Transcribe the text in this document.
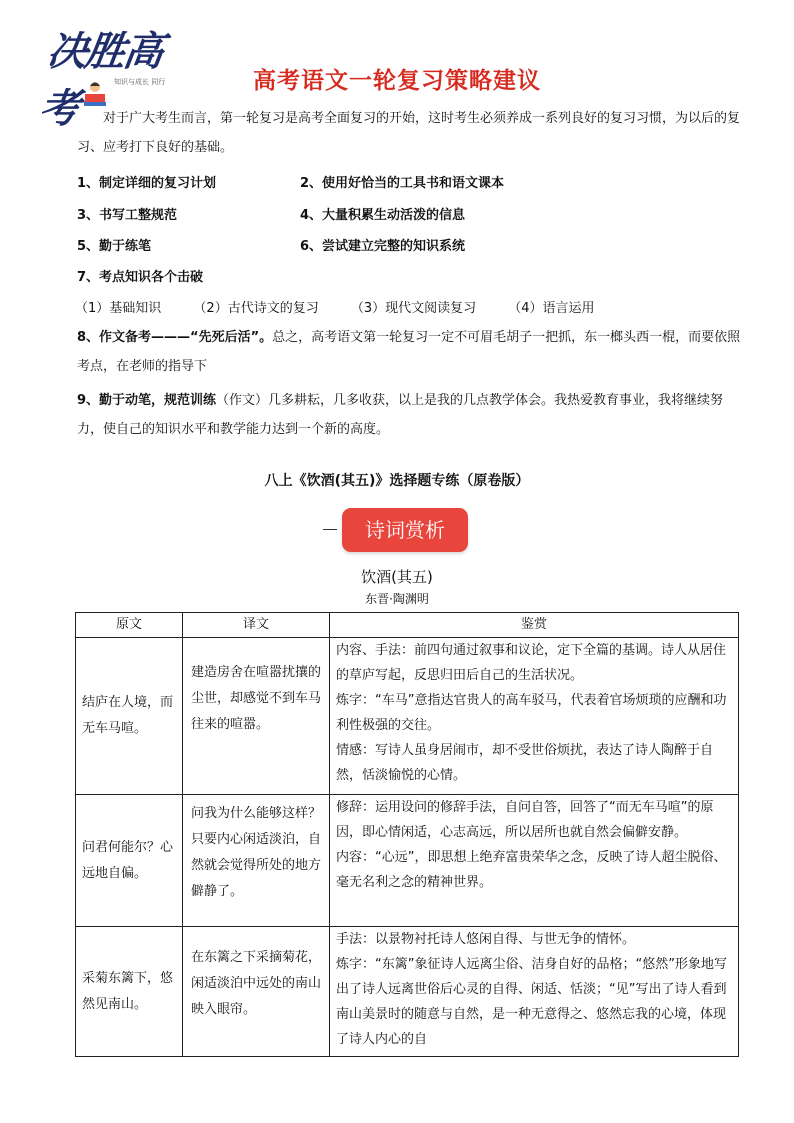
决胜高考
知识与成长 同行	高考语文一轮复习策略建议
对于广大考生而言，第一轮复习是高考全面复习的开始，这时考生必须养成一系列良好的复习习惯，为以后的复习、应考打下良好的基础。
1、制定详细的复习计划	2、使用好恰当的工具书和语文课本
3、书写工整规范	4、大量积累生动活泼的信息
5、勤于练笔	6、尝试建立完整的知识系统
7、考点知识各个击破
（1）基础知识 （2）古代诗文的复习 （3）现代文阅读复习 （4）语言运用
8、作文备考———“先死后活”。总之，高考语文第一轮复习一定不可眉毛胡子一把抓，东一榔头西一棍，而要依照考点，在老师的指导下
9、勤于动笔，规范训练（作文）几多耕耘，几多收获，以上是我的几点教学体会。我热爱教育事业，我将继续努力，使自己的知识水平和教学能力达到一个新的高度。
八上《饮酒(其五)》选择题专练（原卷版）
诗词赏析
饮酒(其五)
东晋·陶渊明
原文	译文	鉴赏
结庐在人境，而无车马喧。	建造房舍在喧嚣扰攘的尘世，却感觉不到车马往来的喧嚣。	内容、手法：前四句通过叙事和议论，定下全篇的基调。诗人从居住的草庐写起，反思归田后自己的生活状况。

炼字：“车马”意指达官贵人的高车驳马，代表着官场烦琐的应酬和功利性极强的交往。

情感：写诗人虽身居闹市，却不受世俗烦扰，表达了诗人陶醉于自然，恬淡愉悦的心情。

问君何能尔？心远地自偏。	问我为什么能够这样？只要内心闲适淡泊，自然就会觉得所处的地方僻静了。	修辞：运用设问的修辞手法，自问自答，回答了“而无车马喧”的原因，即心情闲适，心志高远，所以居所也就自然会偏僻安静。

内容：“心远”，即思想上绝弃富贵荣华之念，反映了诗人超尘脱俗、毫无名利之念的精神世界。

采菊东篱下，悠然见南山。	在东篱之下采摘菊花，闲适淡泊中远处的南山映入眼帘。	手法：以景物衬托诗人悠闲自得、与世无争的情怀。

炼字：“东篱”象征诗人远离尘俗、洁身自好的品格；“悠然”形象地写出了诗人远离世俗后心灵的自得、闲适、恬淡；“见”写出了诗人看到南山美景时的随意与自然，是一种无意得之、悠然忘我的心境，体现了诗人内心的自
